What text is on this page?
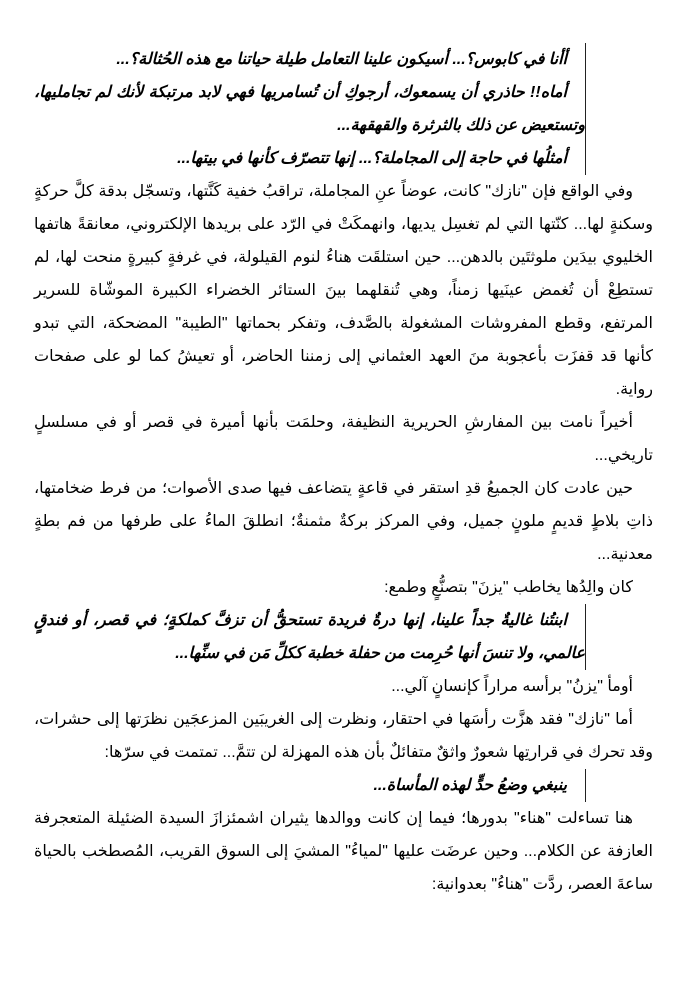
أأنا في كابوس؟... أسيكون علينا التعامل طيلة حياتنا مع هذه الحُثالة؟...

أماه!! حاذري أن يسمعوك، أرجوكِ أن تُسامريها فهي لابد مرتبكة لأنك لم تجامليها، وتستعيض عن ذلك بالثرثرة والقهقهة...

أمثلُها في حاجة إلى المجاملة؟... إنها تتصرّف كأنها في بيتها...

وفي الواقع فإن "نازك" كانت، عوضاً عنِ المجاملة، تراقبُ خفية كَنَّتها، وتسجّل بدقة كلَّ حركةٍ وسكنةٍ لها... كنّتها التي لم تغسِل يديها، وانهمكَتْ في الرّد على بريدها الإلكتروني، معانقةً هاتفها الخليوي بيدَين ملوثتَين بالدهن... حين استلقَت هناءُ لنوم القيلولة، في غرفةٍ كبيرةٍ منحت لها، لم تستطِعْ أن تُغمض عينَيها زمناً، وهي تُنقلهما بينَ الستائر الخضراء الكبيرة الموشّاة للسرير المرتفع، وقطع المفروشات المشغولة بالصَّدف، وتفكر بحماتها "الطيبة" المضحكة، التي تبدو كأنها قد قفزَت بأعجوبة منَ العهد العثماني إلى زمننا الحاضر، أو تعيشُ كما لو على صفحات رواية.

أخيراً نامت بين المفارشِ الحريرية النظيفة، وحلمَت بأنها أميرة في قصر أو في مسلسلٍ تاريخي...

حين عادت كان الجميعُ قدِ استقر في قاعةٍ يتضاعف فيها صدى الأصوات؛ من فرط ضخامتها، ذاتِ بلاطٍ قديمٍ ملونٍ جميل، وفي المركز بركةٌ مثمنةٌ؛ انطلقَ الماءُ على طرفها من فم بطةٍ معدنية...

كان والِدُها يخاطب "يزنَ" بتصنُّعٍ وطمع:

ابنتُنا غاليةٌ جداً علينا، إنها درةٌ فريدة تستحقُّ أن تزفَّ كملكةٍ؛ في قصر، أو فندقٍ عالمي، ولا تنسَ أنها حُرِمت من حفلة خطبة ككلِّ مَن في سنِّها...

أومأ "يزنُ" برأسه مراراً كإنسانٍ آلي...

أما "نازك" فقد هزَّت رأسَها في احتقار، ونظرت إلى الغريبَين المزعجَين نظرَتها إلى حشرات، وقد تحرك في قرارتِها شعورٌ واثقٌ متفائلٌ بأن هذه المهزلة لن تتمَّ... تمتمت في سرّها:

ينبغي وضعُ حدٍّ لهذه المأساة...

هنا تساءلت "هناء" بدورها؛ فيما إن كانت ووالدها يثيران اشمئزازَ السيدة الضئيلة المتعجرفة العازفة عن الكلام... وحين عرضَت عليها "لمياءُ" المشيَ إلى السوق القريب، المُصطخب بالحياة ساعةَ العصر، ردَّت "هناءُ" بعدوانية:
